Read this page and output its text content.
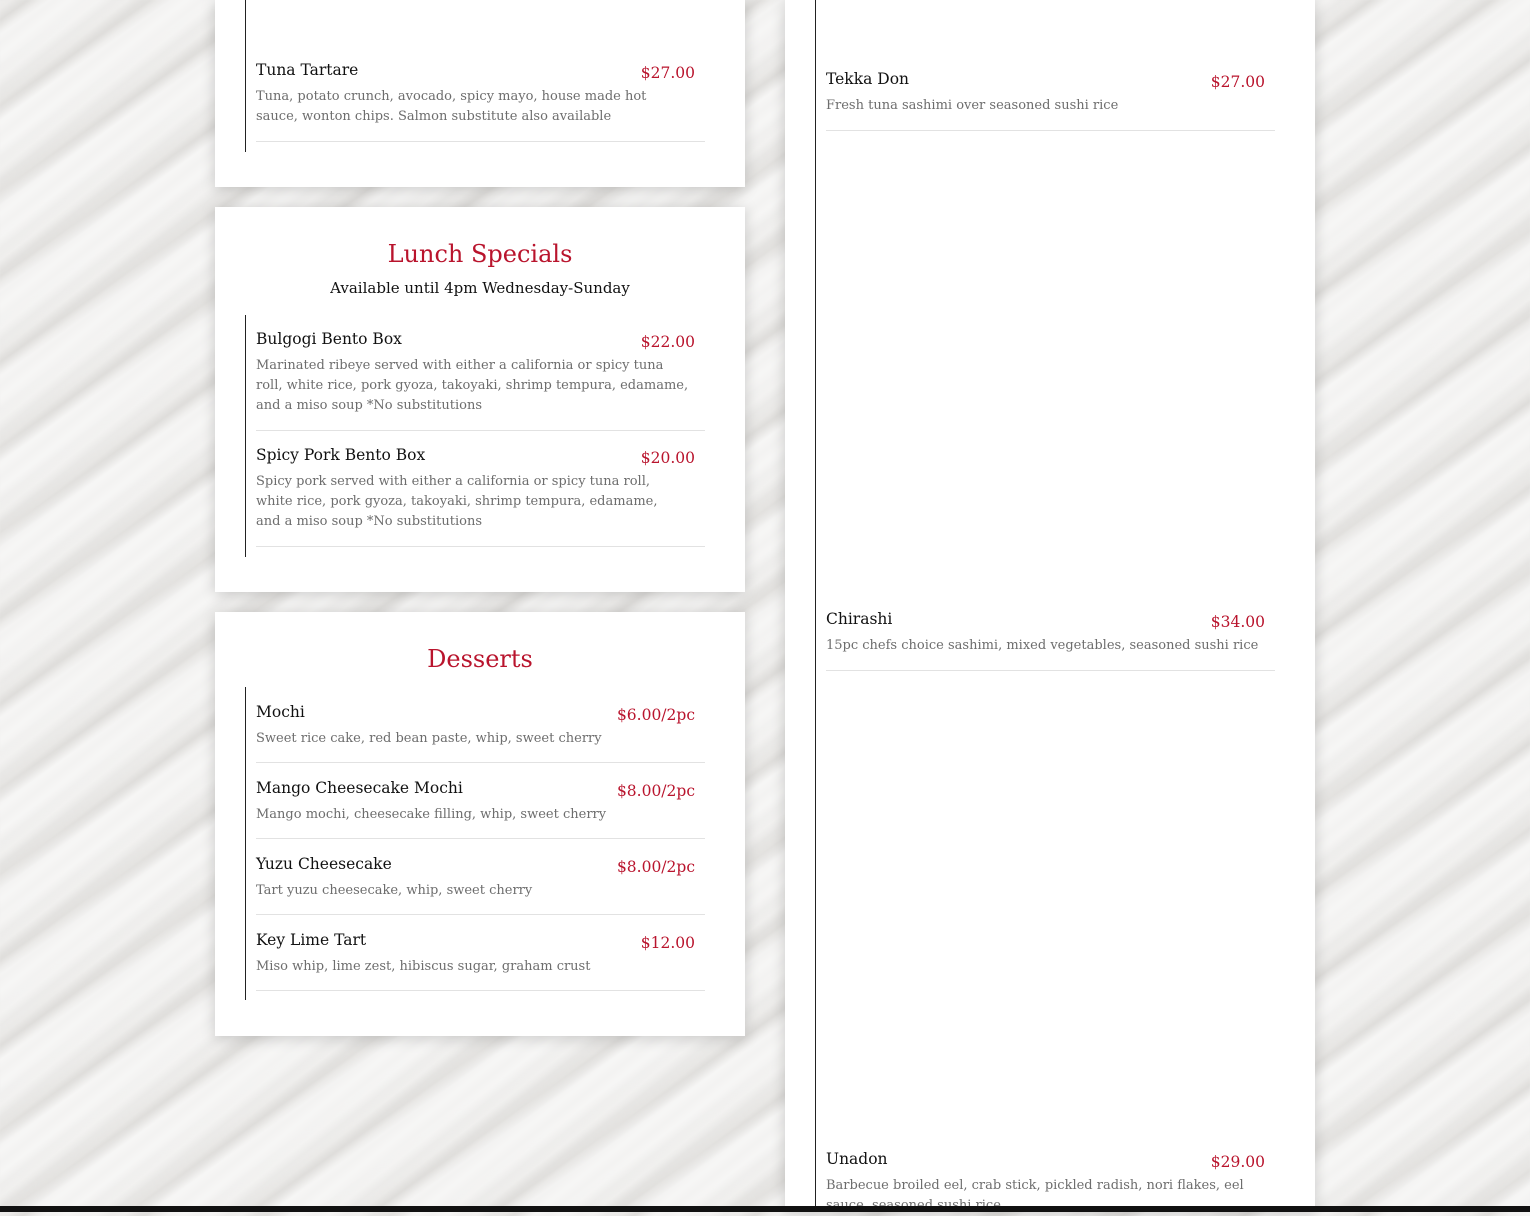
Tuna Tartare	$27.00
Tuna, potato crunch, avocado, spicy mayo, house made hot sauce, wonton chips. Salmon substitute also available
Lunch Specials
Available until 4pm Wednesday-Sunday
Bulgogi Bento Box	$22.00
Marinated ribeye served with either a california or spicy tuna roll, white rice, pork gyoza, takoyaki, shrimp tempura, edamame, and a miso soup *No substitutions
Spicy Pork Bento Box	$20.00
Spicy pork served with either a california or spicy tuna roll, white rice, pork gyoza, takoyaki, shrimp tempura, edamame, and a miso soup *No substitutions
Desserts
Mochi	$6.00/2pc
Sweet rice cake, red bean paste, whip, sweet cherry
Mango Cheesecake Mochi	$8.00/2pc
Mango mochi, cheesecake filling, whip, sweet cherry
Yuzu Cheesecake	$8.00/2pc
Tart yuzu cheesecake, whip, sweet cherry
Key Lime Tart	$12.00
Miso whip, lime zest, hibiscus sugar, graham crust
Tekka Don	$27.00
Fresh tuna sashimi over seasoned sushi rice
Chirashi	$34.00
15pc chefs choice sashimi, mixed vegetables, seasoned sushi rice
Unadon	$29.00
Barbecue broiled eel, crab stick, pickled radish, nori flakes, eel
